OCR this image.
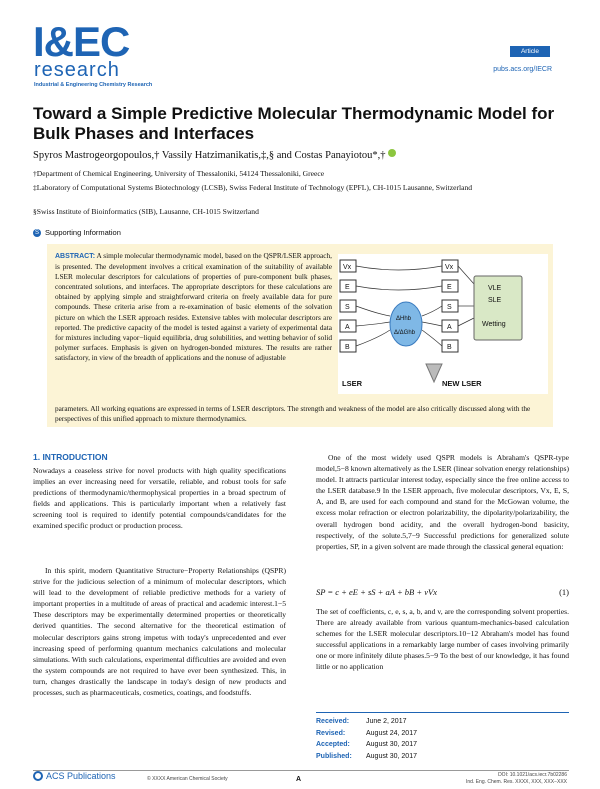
I&EC
research
Industrial & Engineering Chemistry Research
Article
pubs.acs.org/IECR
Toward a Simple Predictive Molecular Thermodynamic Model for Bulk Phases and Interfaces
Spyros Mastrogeorgopoulos,† Vassily Hatzimanikatis,‡,§ and Costas Panayiotou*,†
†Department of Chemical Engineering, University of Thessaloniki, 54124 Thessaloniki, Greece
‡Laboratory of Computational Systems Biotechnology (LCSB), Swiss Federal Institute of Technology (EPFL), CH-1015 Lausanne, Switzerland
§Swiss Institute of Bioinformatics (SIB), Lausanne, CH-1015 Switzerland
S Supporting Information
ABSTRACT: A simple molecular thermodynamic model, based on the QSPR/LSER approach, is presented. The development involves a critical examination of the suitability of available LSER molecular descriptors for calculations of properties of pure-component bulk phases, concentrated solutions, and interfaces. The appropriate descriptors for these calculations are obtained by applying simple and straightforward criteria on freely available data for pure compounds. These criteria arise from a re-examination of basic elements of the solvation picture on which the LSER approach resides. Extensive tables with molecular descriptors are reported. The predictive capacity of the model is tested against a variety of experimental data for mixtures including vapor−liquid equilibria, drug solubilities, and wetting behavior of solid polymer surfaces. Emphasis is given on hydrogen-bonded mixtures. The results are rather satisfactory, in view of the breadth of applications and the nonuse of adjustable
parameters. All working equations are expressed in terms of LSER descriptors. The strength and weakness of the model are also critically discussed along with the perspectives of this unified approach to mixture thermodynamics.
Vx
E
S
A
B
Vx
E
S
A
B
ΔHhb
Δ/ΔGhb
LSER	NEW LSER
VLE
SLE
Wetting
1. INTRODUCTION
Nowadays a ceaseless strive for novel products with high quality specifications implies an ever increasing need for versatile, reliable, and robust tools for safe predictions of thermodynamic/thermophysical properties in a broad spectrum of fields and applications. This is particularly important when a relatively fast screening tool is required to identify potential compounds/candidates for the examined specific product or production process.
In this spirit, modern Quantitative Structure−Property Relationships (QSPR) strive for the judicious selection of a minimum of molecular descriptors, which will lead to the development of reliable predictive methods for a variety of important properties in a multitude of areas of practical and academic interest.1−5 These descriptors may be experimentally determined properties or theoretically derived quantities. The second alternative for the theoretical estimation of molecular descriptors gains strong impetus with today's unprecedented and ever increasing speed of performing quantum mechanics calculations and molecular simulations. With such calculations, experimental difficulties are avoided and even the system compounds are not required to have ever been synthesized. This, in turn, changes drastically the landscape in today's design of new products and processes, such as pharmaceuticals, cosmetics, coatings, and foodstuffs.
One of the most widely used QSPR models is Abraham's QSPR-type model,5−8 known alternatively as the LSER (linear solvation energy relationships) model. It attracts particular interest today, especially since the free online access to the LSER database.9 In the LSER approach, five molecular descriptors, Vx, E, S, A, and B, are used for each compound and stand for the McGowan volume, the excess molar refraction or electron polarizability, the dipolarity/polarizability, the overall hydrogen bond acidity, and the overall hydrogen-bond basicity, respectively, of the solute.5,7−9 Successful predictions for generalized solute properties, SP, in a given solvent are made through the classical general equation:
SP = c + eE + sS + aA + bB + vVx	(1)
The set of coefficients, c, e, s, a, b, and v, are the corresponding solvent properties. There are already available from various quantum-mechanics-based calculation schemes for the LSER molecular descriptors.10−12 Abraham's model has found successful applications in a remarkably large number of cases involving primarily one or more infinitely dilute phases.5−9 To the best of our knowledge, it has found little or no application
Received: June 2, 2017
Revised:	August 24, 2017
Accepted: August 30, 2017
Published: August 30, 2017
ACS Publications	© XXXX American Chemical Society	A
DOI: 10.1021/acs.iecr.7b02286
Ind. Eng. Chem. Res. XXXX, XXX, XXX−XXX
